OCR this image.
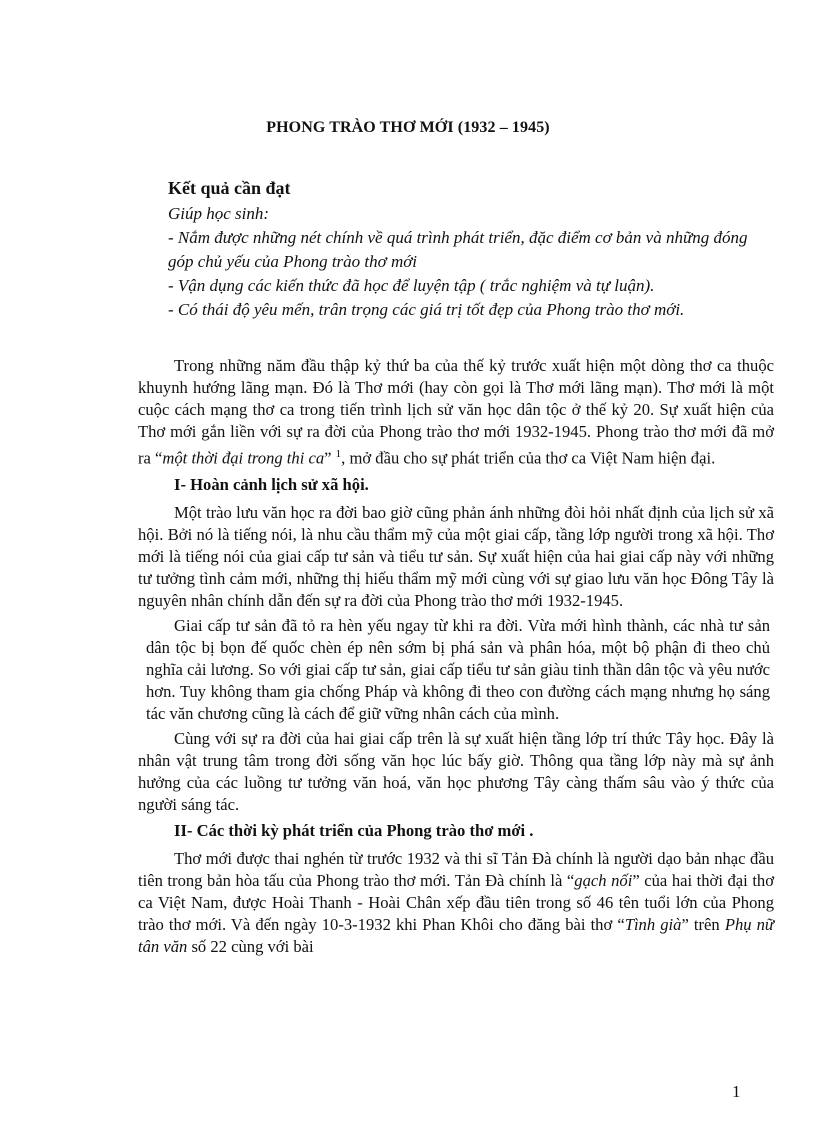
PHONG TRÀO THƠ MỚI (1932 – 1945)
Kết quả cần đạt

Giúp học sinh:

- Nắm được những nét chính về quá trình phát triển, đặc điểm cơ bản và những đóng góp chủ yếu của Phong trào thơ mới

- Vận dụng các kiến thức đã học để luyện tập ( trắc nghiệm và tự luận).

- Có thái độ yêu mến, trân trọng các giá trị tốt đẹp của Phong trào thơ mới.

Trong những năm đầu thập kỷ thứ ba của thế kỷ trước xuất hiện một dòng thơ ca thuộc khuynh hướng lãng mạn. Đó là Thơ mới (hay còn gọi là Thơ mới lãng mạn). Thơ mới là một cuộc cách mạng thơ ca trong tiến trình lịch sử văn học dân tộc ở thế kỷ 20. Sự xuất hiện của Thơ mới gắn liền với sự ra đời của Phong trào thơ mới 1932-1945. Phong trào thơ mới đã mở ra “một thời đại trong thi ca” $^1$, mở đầu cho sự phát triển của thơ ca Việt Nam hiện đại.

I- Hoàn cảnh lịch sử xã hội.

Một trào lưu văn học ra đời bao giờ cũng phản ánh những đòi hỏi nhất định của lịch sử xã hội. Bởi nó là tiếng nói, là nhu cầu thẩm mỹ của một giai cấp, tầng lớp người trong xã hội. Thơ mới là tiếng nói của giai cấp tư sản và tiểu tư sản. Sự xuất hiện của hai giai cấp này với những tư tưởng tình cảm mới, những thị hiếu thẩm mỹ mới cùng với sự giao lưu văn học Đông Tây là nguyên nhân chính dẫn đến sự ra đời của Phong trào thơ mới 1932-1945.

Giai cấp tư sản đã tỏ ra hèn yếu ngay từ khi ra đời. Vừa mới hình thành, các nhà tư sản dân tộc bị bọn đế quốc chèn ép nên sớm bị phá sản và phân hóa, một bộ phận đi theo chủ nghĩa cải lương. So với giai cấp tư sản, giai cấp tiểu tư sản giàu tinh thần dân tộc và yêu nước hơn. Tuy không tham gia chống Pháp và không đi theo con đường cách mạng nhưng họ sáng tác văn chương cũng là cách để giữ vững nhân cách của mình.

Cùng với sự ra đời của hai giai cấp trên là sự xuất hiện tầng lớp trí thức Tây học. Đây là nhân vật trung tâm trong đời sống văn học lúc bấy giờ. Thông qua tầng lớp này mà sự ảnh hưởng của các luồng tư tưởng văn hoá, văn học phương Tây càng thấm sâu vào ý thức của người sáng tác.

II- Các thời kỳ phát triển của Phong trào thơ mới .

Thơ mới được thai nghén từ trước 1932 và thi sĩ Tản Đà chính là người dạo bản nhạc đầu tiên trong bản hòa tấu của Phong trào thơ mới. Tản Đà chính là “gạch nối” của hai thời đại thơ ca Việt Nam, được Hoài Thanh - Hoài Chân xếp đầu tiên trong số 46 tên tuổi lớn của Phong trào thơ mới. Và đến ngày 10-3-1932 khi Phan Khôi cho đăng bài thơ “Tình già” trên Phụ nữ tân văn số 22 cùng với bài

1
